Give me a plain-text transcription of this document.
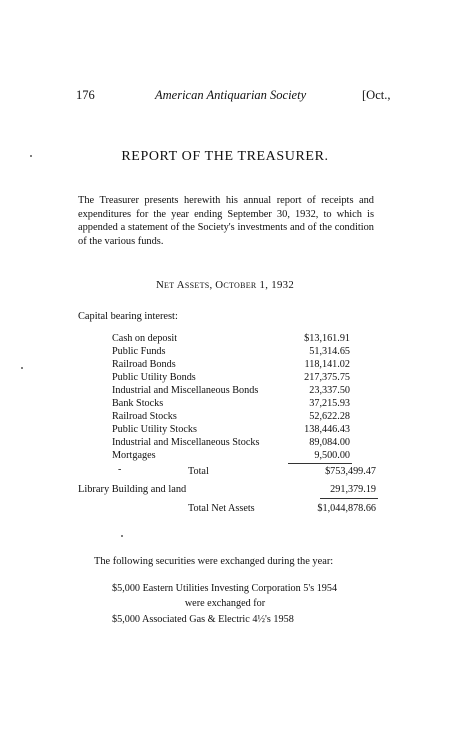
176	American Antiquarian Society	[Oct.,
REPORT OF THE TREASURER.
The Treasurer presents herewith his annual report of receipts and expenditures for the year ending September 30, 1932, to which is appended a statement of the Society's investments and of the condition of the various funds.
Net Assets, October 1, 1932
Capital bearing interest:
Cash on deposit	$13,161.91
Public Funds	51,314.65
Railroad Bonds	118,141.02
Public Utility Bonds	217,375.75
Industrial and Miscellaneous Bonds	23,337.50
Bank Stocks	37,215.93
Railroad Stocks	52,622.28
Public Utility Stocks	138,446.43
Industrial and Miscellaneous Stocks	89,084.00
Mortgages	9,500.00
-	Total	$753,499.47
Library Building and land	291,379.19
Total Net Assets	$1,044,878.66
The following securities were exchanged during the year:
$5,000 Eastern Utilities Investing Corporation 5's 1954
were exchanged for
$5,000 Associated Gas & Electric 4½'s 1958
